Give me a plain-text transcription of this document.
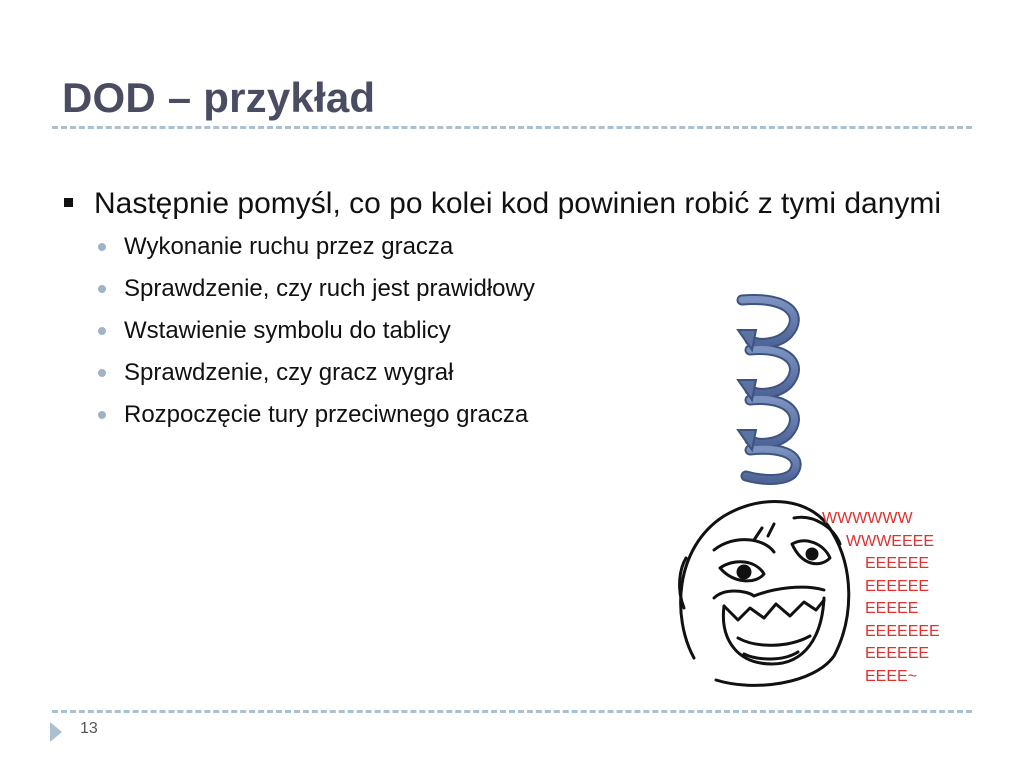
DOD – przykład
Następnie pomyśl, co po kolei kod powinien robić z tymi danymi
Wykonanie ruchu przez gracza
Sprawdzenie, czy ruch jest prawidłowy
Wstawienie symbolu do tablicy
Sprawdzenie, czy gracz wygrał
Rozpoczęcie tury przeciwnego gracza
WWWWWW
WWWEEEE
EEEEEE
EEEEEE
EEEEE
EEEEEEE
EEEEEE
EEEE~
13
